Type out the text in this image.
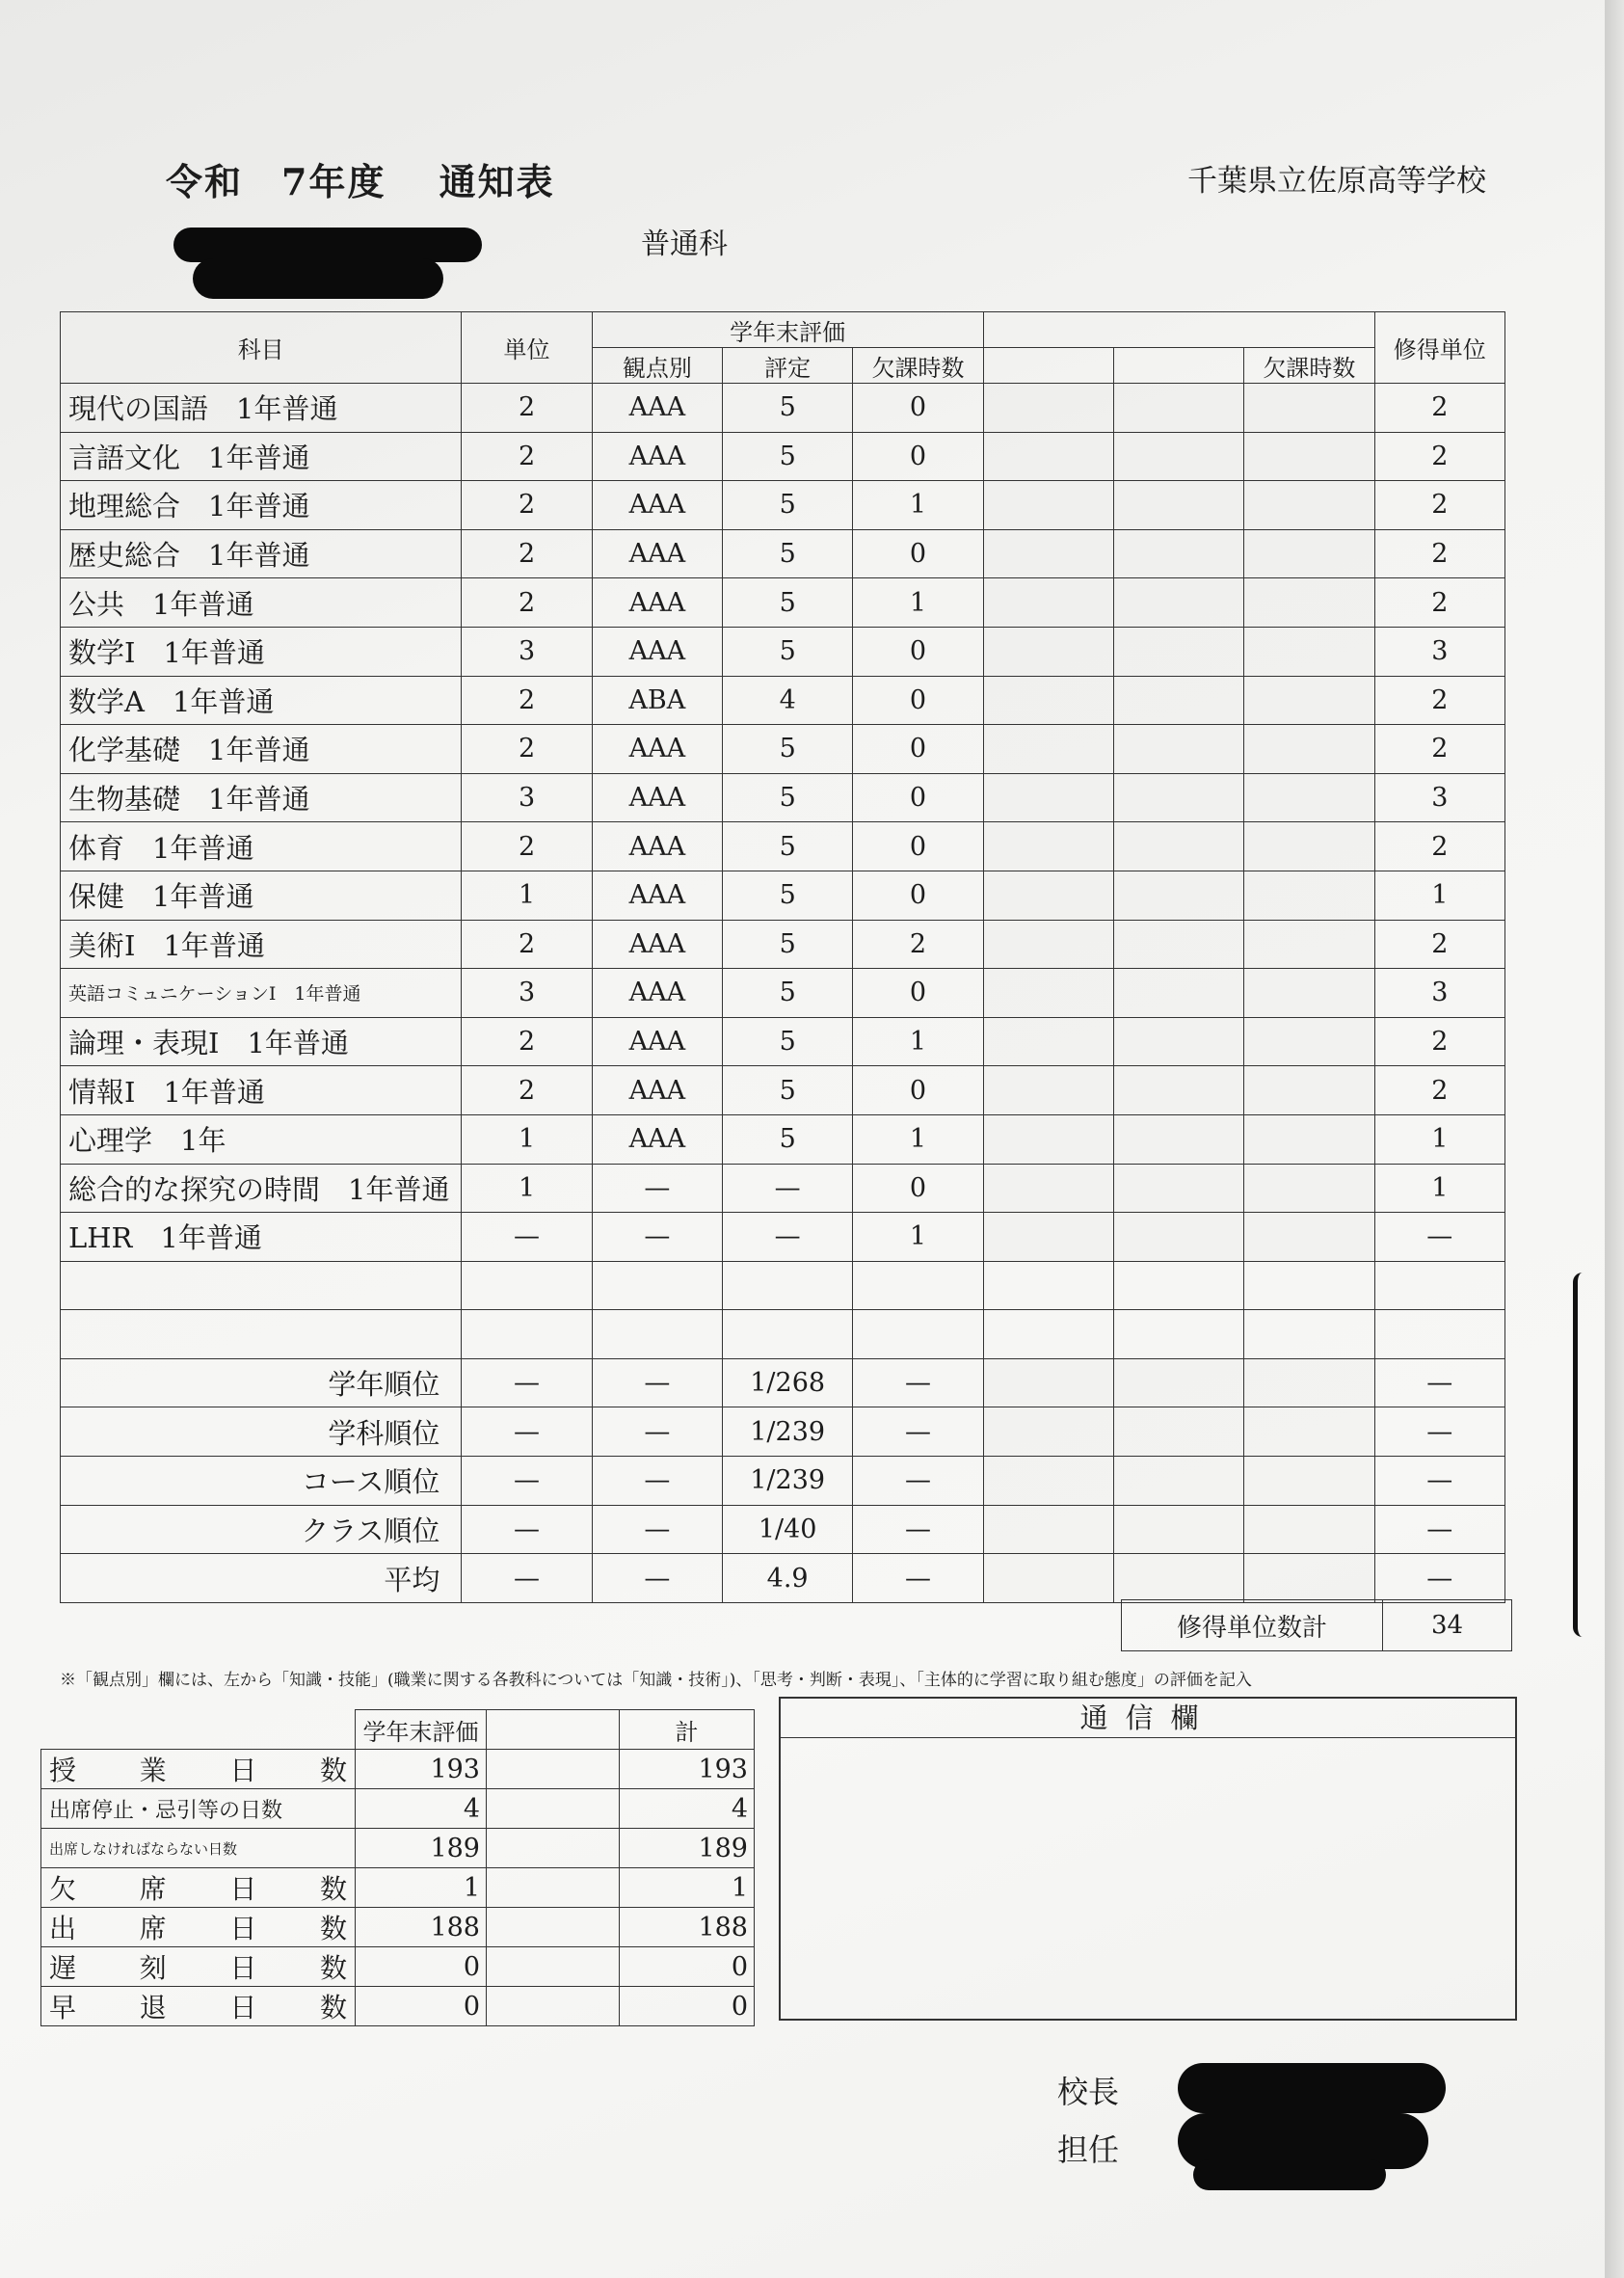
令和　7年度　 通知表	千葉県立佐原高等学校
普通科
科目	単位	学年末評価						修得単位
		観点別	評定	欠課時数			欠課時数	
現代の国語　1年普通	2	AAA	5	0				2
言語文化　1年普通	2	AAA	5	0				2
地理総合　1年普通	2	AAA	5	1				2
歴史総合　1年普通	2	AAA	5	0				2
公共　1年普通	2	AAA	5	1				2
数学Ⅰ　1年普通	3	AAA	5	0				3
数学A　1年普通	2	ABA	4	0				2
化学基礎　1年普通	2	AAA	5	0				2
生物基礎　1年普通	3	AAA	5	0				3
体育　1年普通	2	AAA	5	0				2
保健　1年普通	1	AAA	5	0				1
美術Ⅰ　1年普通	2	AAA	5	2				2
英語コミュニケーションⅠ　1年普通	3	AAA	5	0				3
論理・表現Ⅰ　1年普通	2	AAA	5	1				2
情報Ⅰ　1年普通	2	AAA	5	0				2
心理学　1年	1	AAA	5	1				1
総合的な探究の時間　1年普通	1	—	—	0				1
LHR　1年普通	—	—	—	1				—

学年順位	—	—	1/268	—				—
学科順位	—	—	1/239	—				—
コース順位	—	—	1/239	—				—
クラス順位	—	—	1/40	—				—
平均	—	—	4.9	—				—
修得単位数計	34
※「観点別」欄には、左から「知識・技能」(職業に関する各教科については「知識・技術」)、「思考・判断・表現」、「主体的に学習に取り組む態度」の評価を記入
	学年末評価		計
授業日数	193		193
出席停止・忌引等の日数	4		4
出席しなければならない日数	189		189
欠席日数	1		1
出席日数	188		188
遅刻日数	0		0
早退日数	0		0
通信欄
校長
担任
